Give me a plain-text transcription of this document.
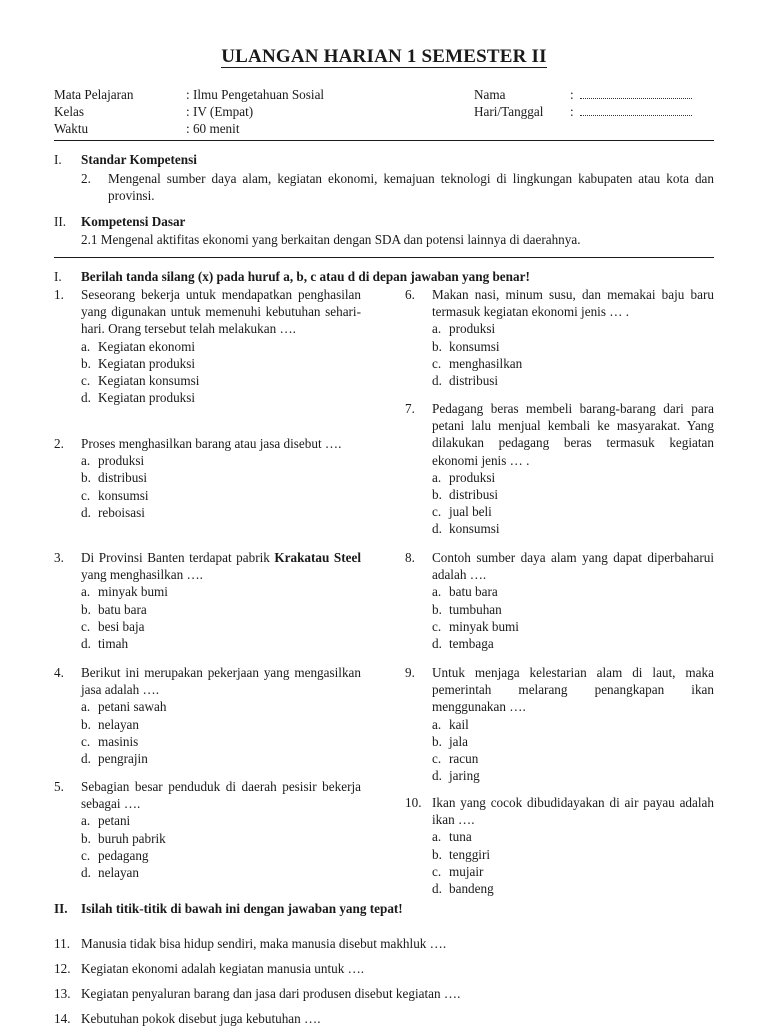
ULANGAN HARIAN 1 SEMESTER II
Mata Pelajaran	: Ilmu Pengetahuan Sosial
Kelas	: IV (Empat)
Waktu	: 60 menit
Nama	:
Hari/Tanggal :
I. Standar Kompetensi
2. Mengenal sumber daya alam, kegiatan ekonomi, kemajuan teknologi di lingkungan kabupaten atau kota dan provinsi.
II. Kompetensi Dasar
2.1 Mengenal aktifitas ekonomi yang berkaitan dengan SDA dan potensi lainnya di daerahnya.
I. Berilah tanda silang (x) pada huruf a, b, c atau d di depan jawaban yang benar!
1. Seseorang bekerja untuk mendapatkan penghasilan yang digunakan untuk memenuhi kebutuhan sehari-hari. Orang tersebut telah melakukan ….
a. Kegiatan ekonomi
b. Kegiatan produksi
c. Kegiatan konsumsi
d. Kegiatan produksi
2. Proses menghasilkan barang atau jasa disebut ….
a. produksi
b. distribusi
c. konsumsi
d. reboisasi
3. Di Provinsi Banten terdapat pabrik Krakatau Steel yang menghasilkan ….
a. minyak bumi
b. batu bara
c. besi baja
d. timah
4. Berikut ini merupakan pekerjaan yang mengasilkan jasa adalah ….
a. petani sawah
b. nelayan
c. masinis
d. pengrajin
5. Sebagian besar penduduk di daerah pesisir bekerja sebagai ….
a. petani
b. buruh pabrik
c. pedagang
d. nelayan
6. Makan nasi, minum susu, dan memakai baju baru termasuk kegiatan ekonomi jenis … .
a. produksi
b. konsumsi
c. menghasilkan
d. distribusi
7. Pedagang beras membeli barang-barang dari para petani lalu menjual kembali ke masyarakat. Yang dilakukan pedagang beras termasuk kegiatan ekonomi jenis … .
a. produksi
b. distribusi
c. jual beli
d. konsumsi
8. Contoh sumber daya alam yang dapat diperbaharui adalah ….
a. batu bara
b. tumbuhan
c. minyak bumi
d. tembaga
9. Untuk menjaga kelestarian alam di laut, maka pemerintah melarang penangkapan ikan menggunakan ….
a. kail
b. jala
c. racun
d. jaring
10. Ikan yang cocok dibudidayakan di air payau adalah ikan ….
a. tuna
b. tenggiri
c. mujair
d. bandeng
II. Isilah titik-titik di bawah ini dengan jawaban yang tepat!
11. Manusia tidak bisa hidup sendiri, maka manusia disebut makhluk ….
12. Kegiatan ekonomi adalah kegiatan manusia untuk ….
13. Kegiatan penyaluran barang dan jasa dari produsen disebut kegiatan ….
14. Kebutuhan pokok disebut juga kebutuhan ….
